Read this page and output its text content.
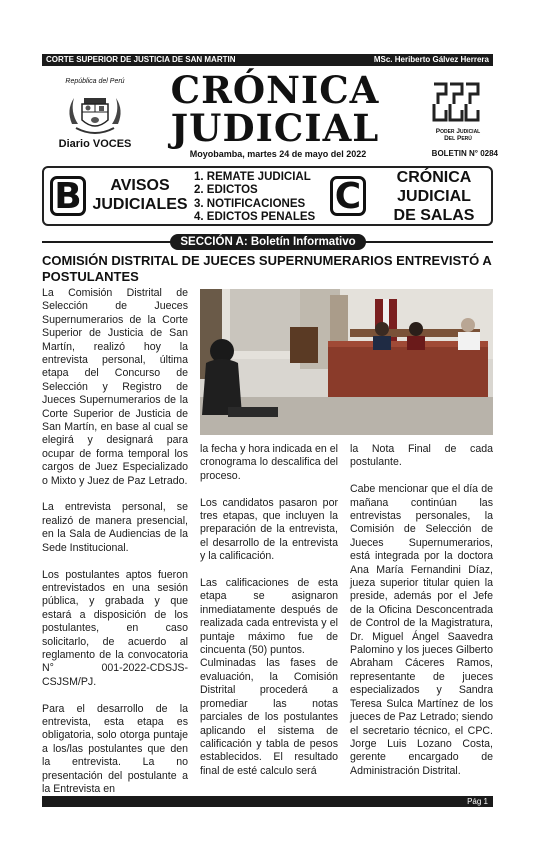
CORTE SUPERIOR DE JUSTICIA DE SAN MARTIN	MSc. Heriberto Gálvez Herrera
República del Perú
Diario VOCES
CRÓNICA
JUDICIAL
Moyobamba, martes 24 de mayo del 2022
Poder Judicial
Del Perú
BOLETIN N° 0284
B	AVISOS
JUDICIALES
1. REMATE JUDICIAL
2. EDICTOS
3. NOTIFICACIONES
4. EDICTOS PENALES
C	CRÓNICA
JUDICIAL
DE SALAS
SECCIÓN A: Boletín Informativo
COMISIÓN DISTRITAL DE JUECES SUPERNUMERARIOS ENTREVISTÓ A POSTULANTES

La Comisión Distrital de Selección de Jueces Supernumerarios de la Corte Superior de Justicia de San Martín, realizó hoy la entrevista personal, última etapa del Concurso de Selección y Registro de Jueces Supernumerarios de la Corte Superior de Justicia de San Martín, en base al cual se elegirá y designará para ocupar de forma temporal los cargos de Juez Especializado o Mixto y Juez de Paz Letrado.

La entrevista personal, se realizó de manera presencial, en la Sala de Audiencias de la Sede Institucional.

Los postulantes aptos fueron entrevistados en una sesión pública, y grabada y que estará a disposición de los postulantes, en caso solicitarlo, de acuerdo al reglamento de la convocatoria N° 001-2022-CDSJS-CSJSM/PJ.

Para el desarrollo de la entrevista, esta etapa es obligatoria, solo otorga puntaje a los/las postulantes que den la entrevista. La no presentación del postulante a la Entrevista en

la fecha y hora indicada en el cronograma lo descalifica del proceso.

Los candidatos pasaron por tres etapas, que incluyen la preparación de la entrevista, el desarrollo de la entrevista y la calificación.

Las calificaciones de esta etapa se asignaron inmediatamente después de realizada cada entrevista y el puntaje máximo fue de cincuenta (50) puntos.

Culminadas las fases de evaluación, la Comisión Distrital procederá a promediar las notas parciales de los postulantes aplicando el sistema de calificación y tabla de pesos establecidos. El resultado final de esté calculo será

la Nota Final de cada postulante.

Cabe mencionar que el día de mañana continúan las entrevistas personales, la Comisión de Selección de Jueces Supernumerarios, está integrada por la doctora Ana María Fernandini Díaz, jueza superior titular quien la preside, además por el Jefe de la Oficina Desconcentrada de Control de la Magistratura, Dr. Miguel Ángel Saavedra Palomino y los jueces Gilberto Abraham Cáceres Ramos, representante de jueces especializados y Sandra Teresa Sulca Martínez de los jueces de Paz Letrado; siendo el secretario técnico, el CPC. Jorge Luis Lozano Costa, gerente encargado de Administración Distrital.

Pág 1
